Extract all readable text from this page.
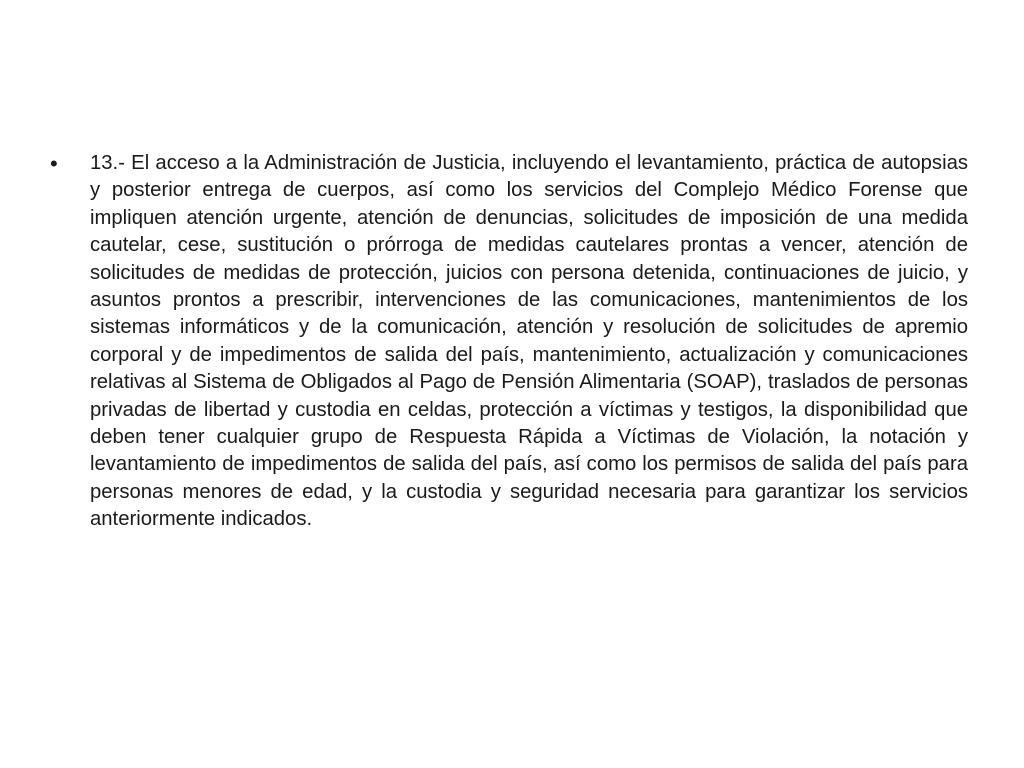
•	13.- El acceso a la Administración de Justicia, incluyendo el levantamiento, práctica de autopsias y posterior entrega de cuerpos, así como los servicios del Complejo Médico Forense que impliquen atención urgente, atención de denuncias, solicitudes de imposición de una medida cautelar, cese, sustitución o prórroga de medidas cautelares prontas a vencer, atención de solicitudes de medidas de protección, juicios con persona detenida, continuaciones de juicio, y asuntos prontos a prescribir, intervenciones de las comunicaciones, mantenimientos de los sistemas informáticos y de la comunicación, atención y resolución de solicitudes de apremio corporal y de impedimentos de salida del país, mantenimiento, actualización y comunicaciones relativas al Sistema de Obligados al Pago de Pensión Alimentaria (SOAP), traslados de personas privadas de libertad y custodia en celdas, protección a víctimas y testigos, la disponibilidad que deben tener cualquier grupo de Respuesta Rápida a Víctimas de Violación, la notación y levantamiento de impedimentos de salida del país, así como los permisos de salida del país para personas menores de edad, y la custodia y seguridad necesaria para garantizar los servicios anteriormente indicados.
